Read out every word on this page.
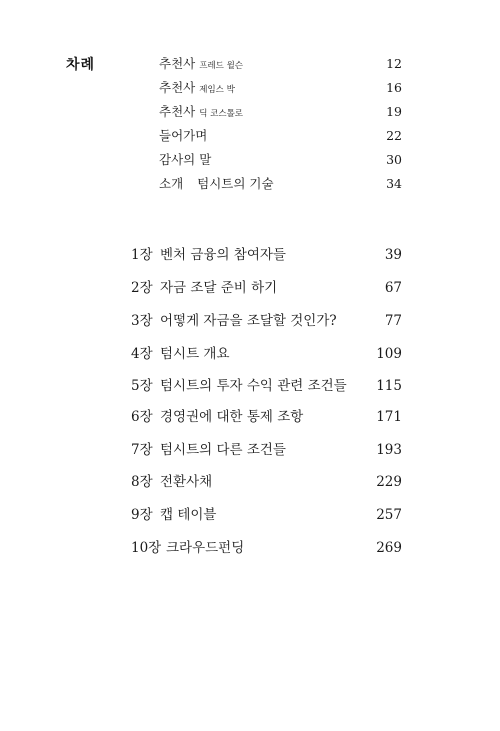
차례	추천사 프레드 윌슨	12
추천사 제임스 박	16
추천사 딕 코스톨로	19
들어가며	22
감사의 말	30
소개 텀시트의 기술	34
1장 벤처 금융의 참여자들	39
2장 자금 조달 준비 하기	67
3장 어떻게 자금을 조달할 것인가?	77
4장 텀시트 개요	109
5장 텀시트의 투자 수익 관련 조건들 115
6장 경영권에 대한 통제 조항	171
7장 텀시트의 다른 조건들	193
8장 전환사채	229
9장 캡 테이블	257
10장 크라우드펀딩	269
